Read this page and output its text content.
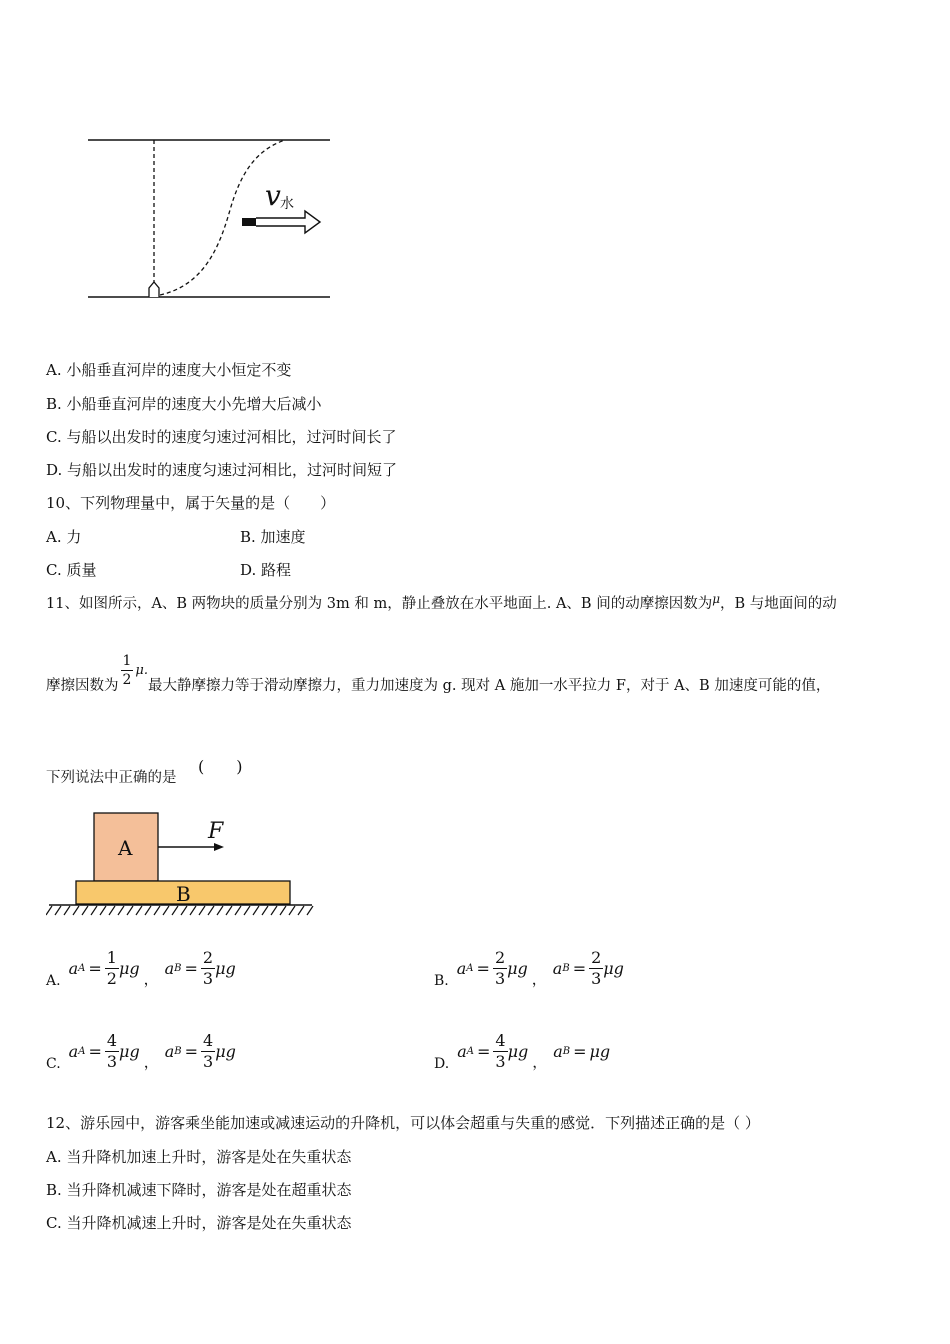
v 水
A. 小船垂直河岸的速度大小恒定不变
B. 小船垂直河岸的速度大小先增大后减小
C. 与船以出发时的速度匀速过河相比，过河时间长了
D. 与船以出发时的速度匀速过河相比，过河时间短了
10、下列物理量中，属于矢量的是（　　）
A. 力	B. 加速度
C. 质量	D. 路程
11、如图所示，A、B 两物块的质量分别为 3m 和 m，静止叠放在水平地面上. A、B 间的动摩擦因数为$^\mu$，B 与地面间的动
摩擦因数为 $\frac{1}{2} \mu$.
最大静摩擦力等于滑动摩擦力，重力加速度为 g. 现对 A 施加一水平拉力 F，对于 A、B 加速度可能的值，
下列说法中正确的是
(　　)
A
F
B
A.
a $A = \frac{1}{2}$ μg
，
a $B = \frac{2}{3}$ μg
B.
a $A = \frac{2}{3}$ μg
，
a $B = \frac{2}{3}$ μg
C.
a $A = \frac{4}{3}$ μg
，
a $B = \frac{4}{3}$ μg
D.
a $A = \frac{4}{3}$ μg
，
a B = μg
12、游乐园中，游客乘坐能加速或减速运动的升降机，可以体会超重与失重的感觉．下列描述正确的是（ ）
A. 当升降机加速上升时，游客是处在失重状态
B. 当升降机减速下降时，游客是处在超重状态
C. 当升降机减速上升时，游客是处在失重状态
